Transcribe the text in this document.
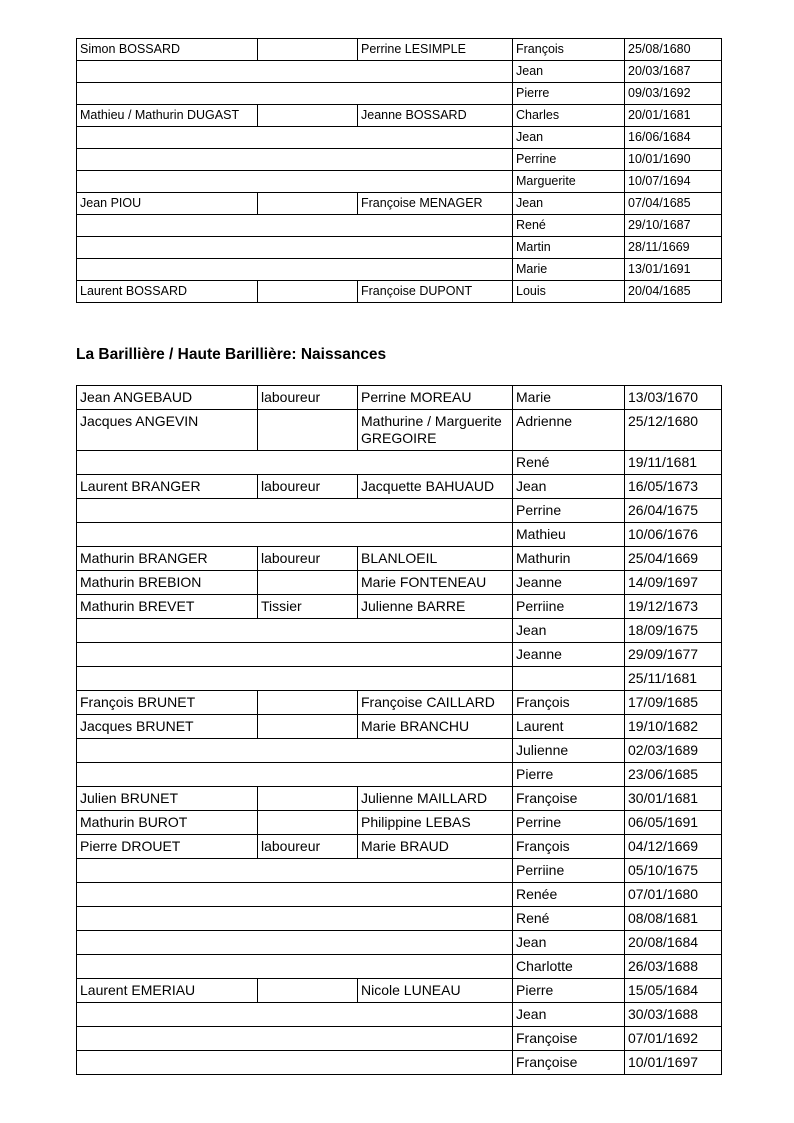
Simon BOSSARD		Perrine LESIMPLE	François	25/08/1680
			Jean	20/03/1687
			Pierre	09/03/1692
Mathieu / Mathurin DUGAST		Jeanne BOSSARD	Charles	20/01/1681
			Jean	16/06/1684
			Perrine	10/01/1690
			Marguerite	10/07/1694
Jean PIOU		Françoise MENAGER	Jean	07/04/1685
			René	29/10/1687
			Martin	28/11/1669
			Marie	13/01/1691
Laurent BOSSARD		Françoise DUPONT	Louis	20/04/1685
La Barillière / Haute Barillière: Naissances
Jean ANGEBAUD	laboureur	Perrine MOREAU	Marie	13/03/1670
Jacques ANGEVIN		Mathurine / Marguerite GREGOIRE	Adrienne	25/12/1680
			René	19/11/1681
Laurent BRANGER	laboureur	Jacquette BAHUAUD	Jean	16/05/1673
			Perrine	26/04/1675
			Mathieu	10/06/1676
Mathurin BRANGER	laboureur	BLANLOEIL	Mathurin	25/04/1669
Mathurin BREBION		Marie FONTENEAU	Jeanne	14/09/1697
Mathurin BREVET	Tissier	Julienne BARRE	Perriine	19/12/1673
			Jean	18/09/1675
			Jeanne	29/09/1677
				25/11/1681
François BRUNET		Françoise CAILLARD	François	17/09/1685
Jacques BRUNET		Marie BRANCHU	Laurent	19/10/1682
			Julienne	02/03/1689
			Pierre	23/06/1685
Julien BRUNET		Julienne MAILLARD	Françoise	30/01/1681
Mathurin BUROT		Philippine LEBAS	Perrine	06/05/1691
Pierre DROUET	laboureur	Marie BRAUD	François	04/12/1669
			Perriine	05/10/1675
			Renée	07/01/1680
			René	08/08/1681
			Jean	20/08/1684
			Charlotte	26/03/1688
Laurent EMERIAU		Nicole LUNEAU	Pierre	15/05/1684
			Jean	30/03/1688
			Françoise	07/01/1692
			Françoise	10/01/1697
